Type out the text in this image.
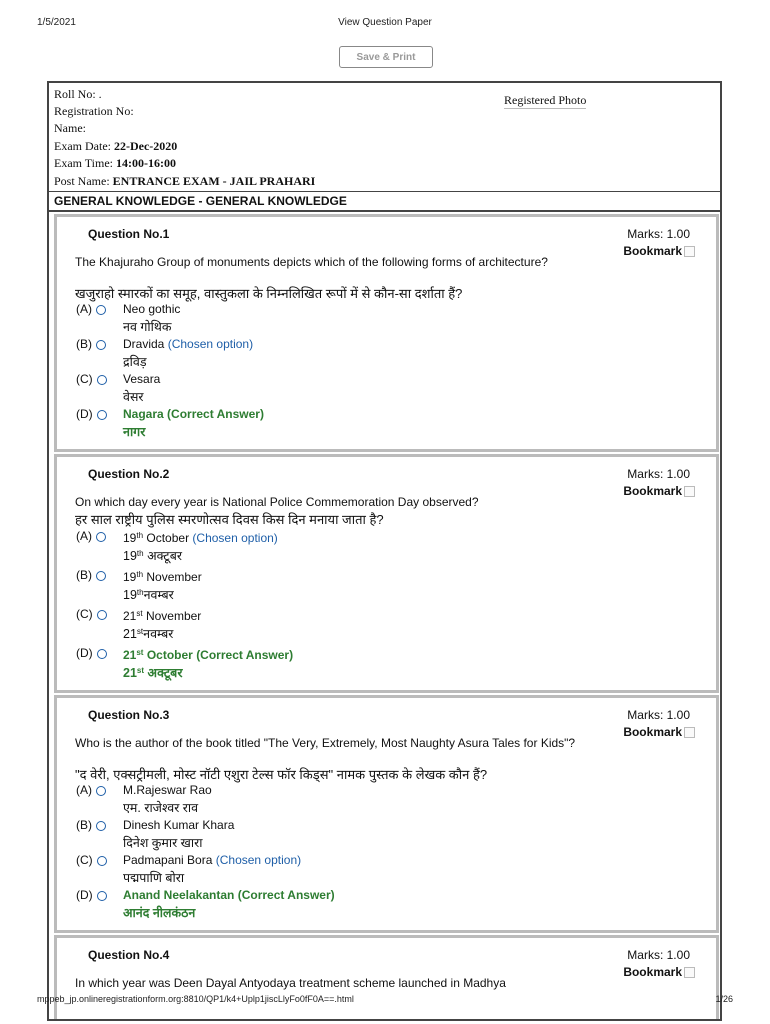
1/5/2021	View Question Paper
Save & Print
Roll No: .
Registration No:
Name:
Exam Date: 22-Dec-2020
Exam Time: 14:00-16:00
Post Name: ENTRANCE EXAM - JAIL PRAHARI
Registered Photo
GENERAL KNOWLEDGE - GENERAL KNOWLEDGE
Question No.1	Marks: 1.00
Bookmark
The Khajuraho Group of monuments depicts which of the following forms of architecture?
खजुराहो स्मारकों का समूह, वास्तुकला के निम्नलिखित रूपों में से कौन-सा दर्शाता हैं?
(A)	Neo gothic
नव गोथिक
(B)	Dravida (Chosen option)
द्रविड़
(C)	Vesara
वेसर
(D)	Nagara (Correct Answer)
नागर
Question No.2	Marks: 1.00
Bookmark
On which day every year is National Police Commemoration Day observed?
हर साल राष्ट्रीय पुलिस स्मरणोत्सव दिवस किस दिन मनाया जाता है?
(A)	19th October (Chosen option)
19th अक्टूबर
(B)	19th November
19thनवम्बर
(C)	21st November
21stनवम्बर
(D)	21st October (Correct Answer)
21st अक्टूबर
Question No.3	Marks: 1.00
Bookmark
Who is the author of the book titled "The Very, Extremely, Most Naughty Asura Tales for Kids"?
"द वेरी, एक्सट्रीमली, मोस्ट नॉटी एशुरा टेल्स फॉर किड्स" नामक पुस्तक के लेखक कौन हैं?
(A)	M.Rajeswar Rao
एम. राजेश्वर राव
(B)	Dinesh Kumar Khara
दिनेश कुमार खारा
(C)	Padmapani Bora (Chosen option)
पद्मपाणि बोरा
(D)	Anand Neelakantan (Correct Answer)
आनंद नीलकंठन
Question No.4	Marks: 1.00
Bookmark
In which year was Deen Dayal Antyodaya treatment scheme launched in Madhya
mppeb_jp.onlineregistrationform.org:8810/QP1/k4+Uplp1jiscLlyFo0fF0A==.html	1/26
